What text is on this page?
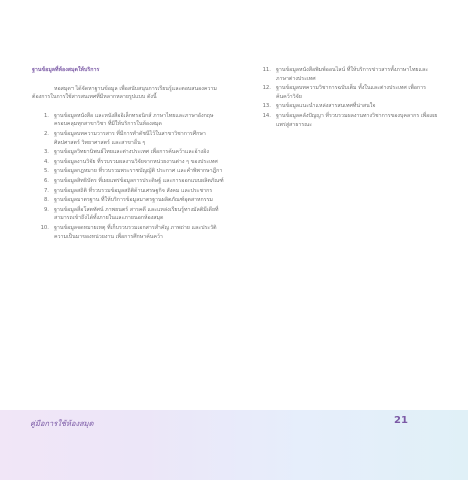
ฐานข้อมูลที่ห้องสมุดให้บริการ

หอสมุดฯ ได้จัดหาฐานข้อมูล เพื่อสนับสนุนการเรียนรู้และตอบสนองความต้องการในการใช้สารสนเทศที่มีหลากหลายรูปแบบ ดังนี้

1. ฐานข้อมูลหนังสือ และหนังสืออิเล็กทรอนิกส์ ภาษาไทยและภาษาอังกฤษ ครอบคลุมทุกสาขาวิชา ที่มีให้บริการในห้องสมุด
2. ฐานข้อมูลบทความวารสาร ที่มีการทำดัชนีไว้ในสาขาวิชาการศึกษา ศิลปศาสตร์ วิทยาศาสตร์ และสาขาอื่น ๆ
3. ฐานข้อมูลวิทยานิพนธ์ไทยและต่างประเทศ เพื่อการค้นคว้าและอ้างอิง
4. ฐานข้อมูลงานวิจัย ที่รวบรวมผลงานวิจัยจากหน่วยงานต่าง ๆ ของประเทศ
5. ฐานข้อมูลกฎหมาย ที่รวบรวมพระราชบัญญัติ ประกาศ และคำพิพากษาฎีกา
6. ฐานข้อมูลสิทธิบัตร ที่เผยแพร่ข้อมูลการประดิษฐ์ และการออกแบบผลิตภัณฑ์
7. ฐานข้อมูลสถิติ ที่รวบรวมข้อมูลสถิติด้านเศรษฐกิจ สังคม และประชากร
8. ฐานข้อมูลมาตรฐาน ที่ให้บริการข้อมูลมาตรฐานผลิตภัณฑ์อุตสาหกรรม
9. ฐานข้อมูลสื่อโสตทัศน์ ภาพยนตร์ สารคดี และแหล่งเรียนรู้ทางมัลติมีเดียที่สามารถเข้าถึงได้ทั้งภายในและภายนอกห้องสมุด
10. ฐานข้อมูลจดหมายเหตุ ที่เก็บรวบรวมเอกสารสำคัญ ภาพถ่าย และประวัติความเป็นมาของหน่วยงาน เพื่อการศึกษาค้นคว้า
11. ฐานข้อมูลหนังสือพิมพ์ออนไลน์ ที่ให้บริการข่าวสารทั้งภาษาไทยและภาษาต่างประเทศ
12. ฐานข้อมูลบทความวิชาการฉบับเต็ม ทั้งในและต่างประเทศ เพื่อการค้นคว้าวิจัย
13. ฐานข้อมูลแนะนำแหล่งสารสนเทศที่น่าสนใจ
14. ฐานข้อมูลคลังปัญญา ที่รวบรวมผลงานทางวิชาการของบุคลากร เพื่อเผยแพร่สู่สาธารณะ
คู่มือการใช้ห้องสมุด	21
